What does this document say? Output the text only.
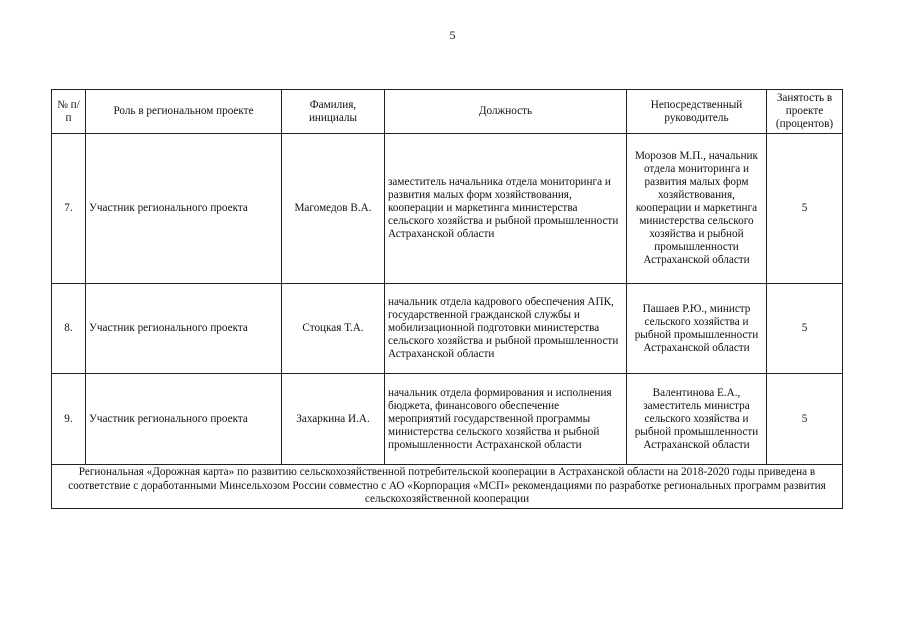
5
№ п/п	Роль в региональном проекте	Фамилия, инициалы	Должность	Непосредственный руководитель	Занятость в проекте (процентов)
7.	Участник регионального проекта	Магомедов В.А.	заместитель начальника отдела мониторинга и развития малых форм хозяйствования, кооперации и маркетинга министерства сельского хозяйства и рыбной промышленности Астраханской области	Морозов М.П., начальник отдела мониторинга и развития малых форм хозяйствования, кооперации и маркетинга министерства сельского хозяйства и рыбной промышленности Астраханской области	5
8.	Участник регионального проекта	Стоцкая Т.А.	начальник отдела кадрового обеспечения АПК, государственной гражданской службы и мобилизационной подготовки министерства сельского хозяйства и рыбной промышленности Астраханской области	Пашаев Р.Ю., министр сельского хозяйства и рыбной промышленности Астраханской области	5
9.	Участник регионального проекта	Захаркина И.А.	начальник отдела формирования и исполнения бюджета, финансового обеспечение мероприятий государственной программы министерства сельского хозяйства и рыбной промышленности Астраханской области	Валентинова Е.А., заместитель министра сельского хозяйства и рыбной промышленности Астраханской области	5
Региональная «Дорожная карта» по развитию сельскохозяйственной потребительской кооперации в Астраханской области на 2018-2020 годы приведена в соответствие с доработанными Минсельхозом России совместно с АО «Корпорация «МСП» рекомендациями по разработке региональных программ развития сельскохозяйственной кооперации					
